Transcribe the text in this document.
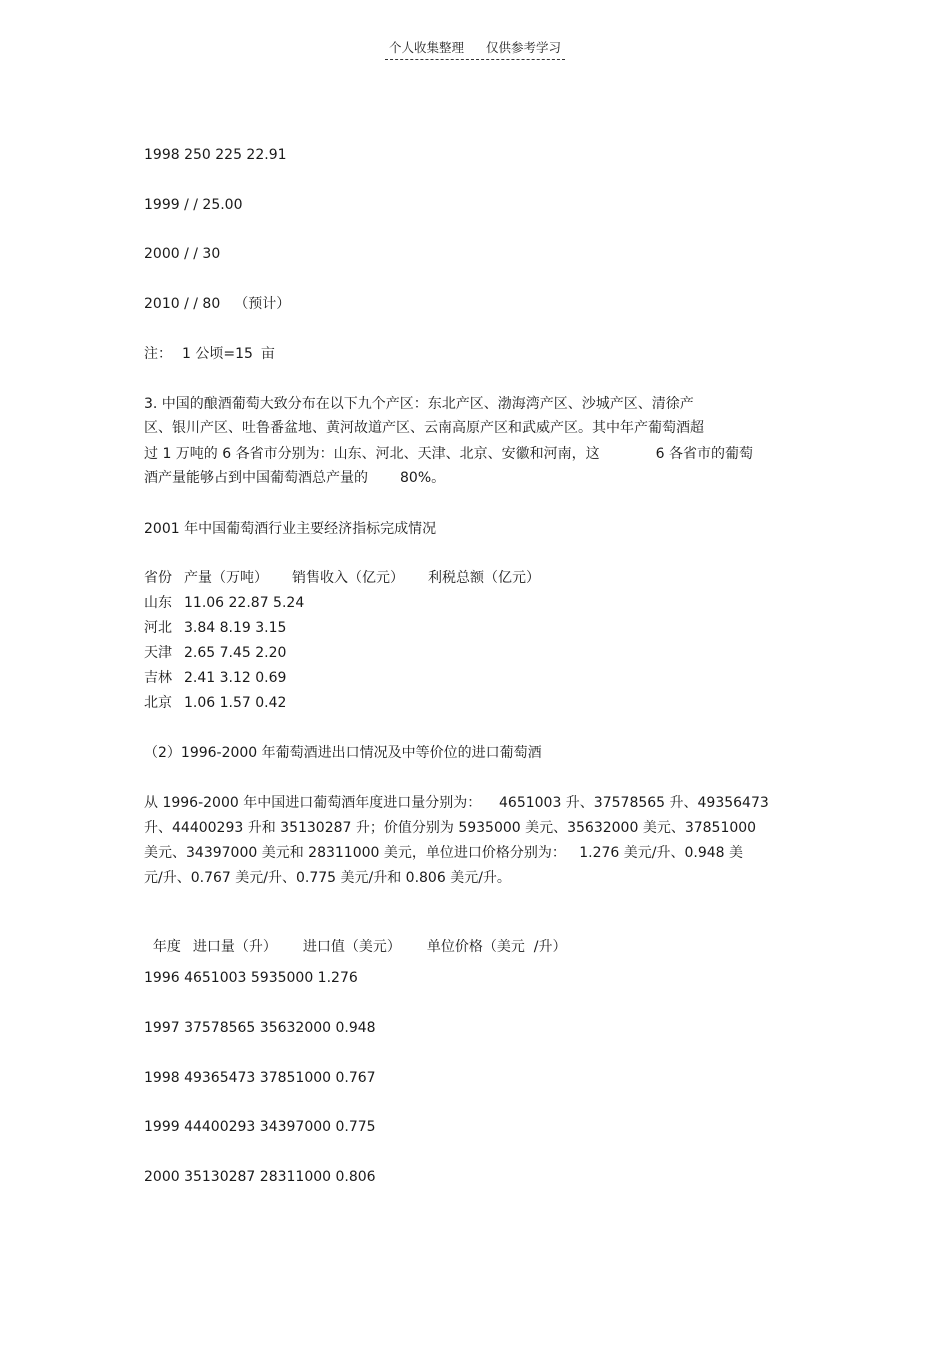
个人收集整理 仅供参考学习
1998 250 225 22.91
1999 / / 25.00
2000 / / 30
2010 / / 80 （预计）
注： 1 公顷=15 亩
3. 中国的酿酒葡萄大致分布在以下九个产区：东北产区、渤海湾产区、沙城产区、清徐产
区、银川产区、吐鲁番盆地、黄河故道产区、云南高原产区和武威产区。其中年产葡萄酒超
过 1 万吨的 6 各省市分别为：山东、河北、天津、北京、安徽和河南，这	6 各省市的葡萄
酒产量能够占到中国葡萄酒总产量的 80%。
2001 年中国葡萄酒行业主要经济指标完成情况
省份 产量（万吨） 销售收入（亿元） 利税总额（亿元）
山东 11.06 22.87 5.24
河北 3.84 8.19 3.15
天津 2.65 7.45 2.20
吉林 2.41 3.12 0.69
北京 1.06 1.57 0.42
（2）1996-2000 年葡萄酒进出口情况及中等价位的进口葡萄酒
从 1996-2000 年中国进口葡萄酒年度进口量分别为：    4651003 升、37578565 升、49356473
升、44400293 升和 35130287 升；价值分别为 5935000 美元、35632000 美元、37851000
美元、34397000 美元和 28311000 美元，单位进口价格分别为：   1.276 美元/升、0.948 美
元/升、0.767 美元/升、0.775 美元/升和 0.806 美元/升。

年度 进口量（升） 进口值（美元） 单位价格（美元  /升）

1996 4651003 5935000 1.276
1997 37578565 35632000 0.948
1998 49365473 37851000 0.767
1999 44400293 34397000 0.775
2000 35130287 28311000 0.806
